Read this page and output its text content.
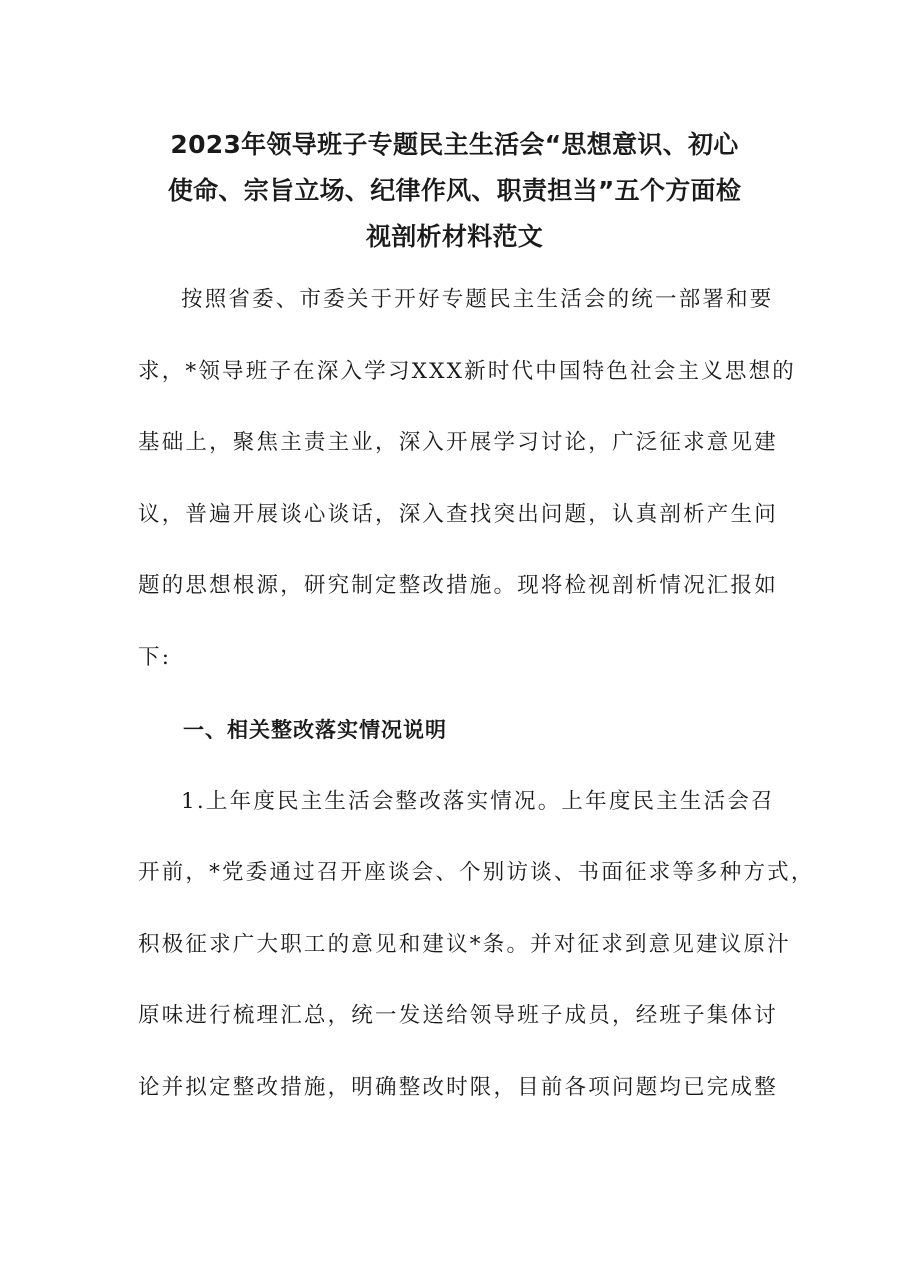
2023年领导班子专题民主生活会“思想意识、初心
使命、宗旨立场、纪律作风、职责担当”五个方面检
视剖析材料范文
按照省委、市委关于开好专题民主生活会的统一部署和要
求，*领导班子在深入学习XXX新时代中国特色社会主义思想的
基础上，聚焦主责主业，深入开展学习讨论，广泛征求意见建
议，普遍开展谈心谈话，深入查找突出问题，认真剖析产生问
题的思想根源，研究制定整改措施。现将检视剖析情况汇报如
下:
一、相关整改落实情况说明
1.上年度民主生活会整改落实情况。上年度民主生活会召
开前，*党委通过召开座谈会、个别访谈、书面征求等多种方式，
积极征求广大职工的意见和建议*条。并对征求到意见建议原汁
原味进行梳理汇总，统一发送给领导班子成员，经班子集体讨
论并拟定整改措施，明确整改时限，目前各项问题均已完成整
